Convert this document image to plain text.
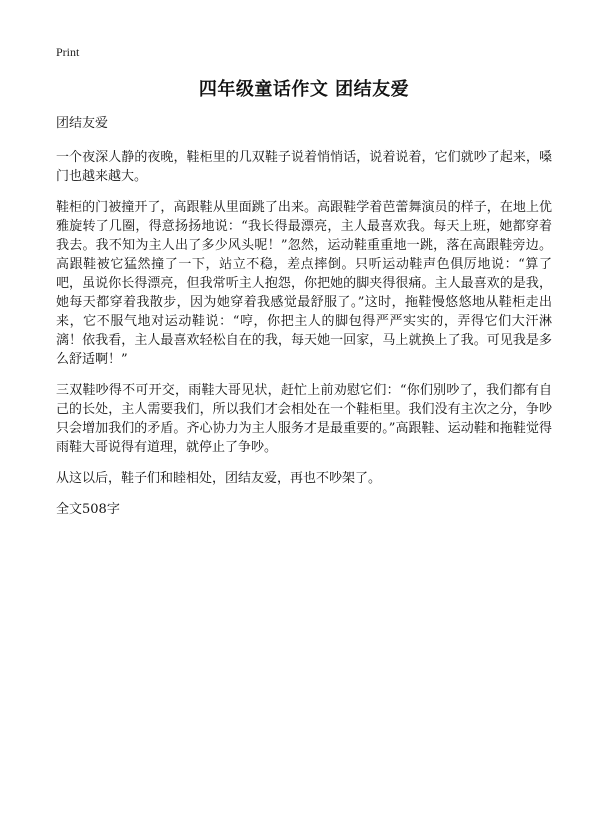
Print
四年级童话作文 团结友爱
团结友爱

一个夜深人静的夜晚，鞋柜里的几双鞋子说着悄悄话，说着说着，它们就吵了起来，嗓门也越来越大。

鞋柜的门被撞开了，高跟鞋从里面跳了出来。高跟鞋学着芭蕾舞演员的样子，在地上优雅旋转了几圈，得意扬扬地说：“我长得最漂亮，主人最喜欢我。每天上班，她都穿着我去。我不知为主人出了多少风头呢！”忽然，运动鞋重重地一跳，落在高跟鞋旁边。高跟鞋被它猛然撞了一下，站立不稳，差点摔倒。只听运动鞋声色俱厉地说：“算了吧，虽说你长得漂亮，但我常听主人抱怨，你把她的脚夹得很痛。主人最喜欢的是我，她每天都穿着我散步，因为她穿着我感觉最舒服了。”这时，拖鞋慢悠悠地从鞋柜走出来，它不服气地对运动鞋说：“哼，你把主人的脚包得严严实实的，弄得它们大汗淋漓！依我看，主人最喜欢轻松自在的我，每天她一回家，马上就换上了我。可见我是多么舒适啊！”

三双鞋吵得不可开交，雨鞋大哥见状，赶忙上前劝慰它们：“你们别吵了，我们都有自己的长处，主人需要我们，所以我们才会相处在一个鞋柜里。我们没有主次之分，争吵只会增加我们的矛盾。齐心协力为主人服务才是最重要的。”高跟鞋、运动鞋和拖鞋觉得雨鞋大哥说得有道理，就停止了争吵。

从这以后，鞋子们和睦相处，团结友爱，再也不吵架了。

全文508字
